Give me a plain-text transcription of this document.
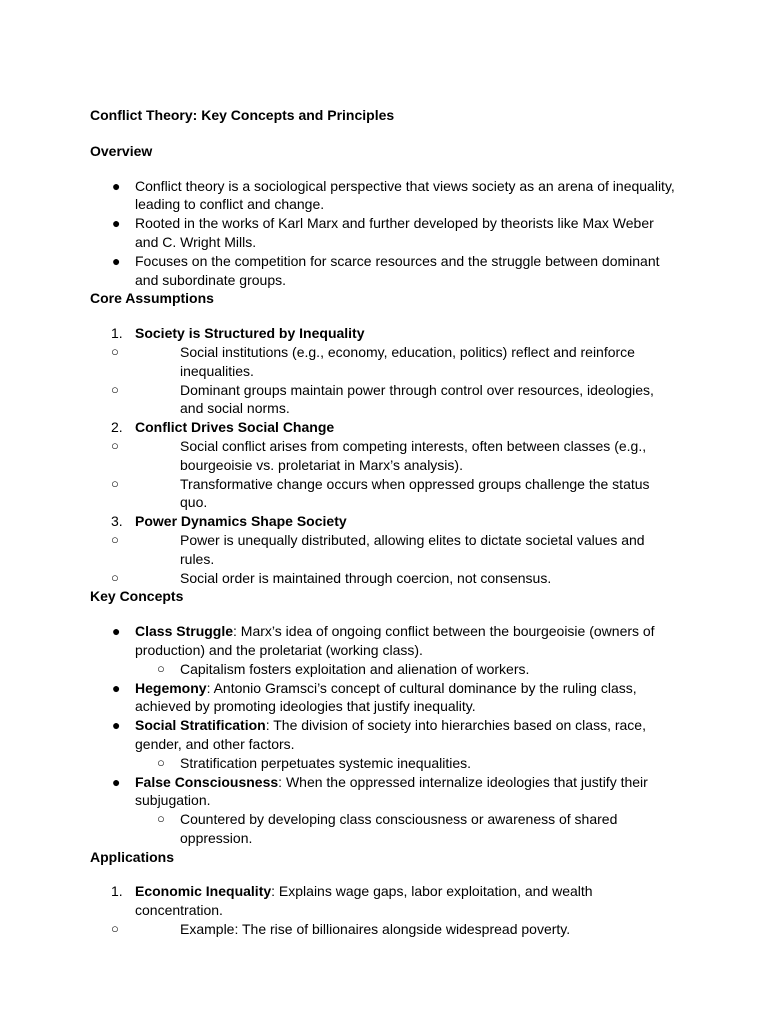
Conflict Theory: Key Concepts and Principles

Overview

● Conflict theory is a sociological perspective that views society as an arena of inequality, leading to conflict and change.
● Rooted in the works of Karl Marx and further developed by theorists like Max Weber and C. Wright Mills.
● Focuses on the competition for scarce resources and the struggle between dominant and subordinate groups.

Core Assumptions

1. Society is Structured by Inequality
○	Social institutions (e.g., economy, education, politics) reflect and reinforce inequalities.
○	Dominant groups maintain power through control over resources, ideologies, and social norms.
2. Conflict Drives Social Change
○	Social conflict arises from competing interests, often between classes (e.g., bourgeoisie vs. proletariat in Marx’s analysis).
○	Transformative change occurs when oppressed groups challenge the status quo.
3. Power Dynamics Shape Society
○	Power is unequally distributed, allowing elites to dictate societal values and rules.
○	Social order is maintained through coercion, not consensus.

Key Concepts

● Class Struggle: Marx’s idea of ongoing conflict between the bourgeoisie (owners of production) and the proletariat (working class).
○ Capitalism fosters exploitation and alienation of workers.
● Hegemony: Antonio Gramsci’s concept of cultural dominance by the ruling class, achieved by promoting ideologies that justify inequality.
● Social Stratification: The division of society into hierarchies based on class, race, gender, and other factors.
○ Stratification perpetuates systemic inequalities.
● False Consciousness: When the oppressed internalize ideologies that justify their subjugation.
○ Countered by developing class consciousness or awareness of shared oppression.

Applications

1. Economic Inequality: Explains wage gaps, labor exploitation, and wealth concentration.
○	Example: The rise of billionaires alongside widespread poverty.
